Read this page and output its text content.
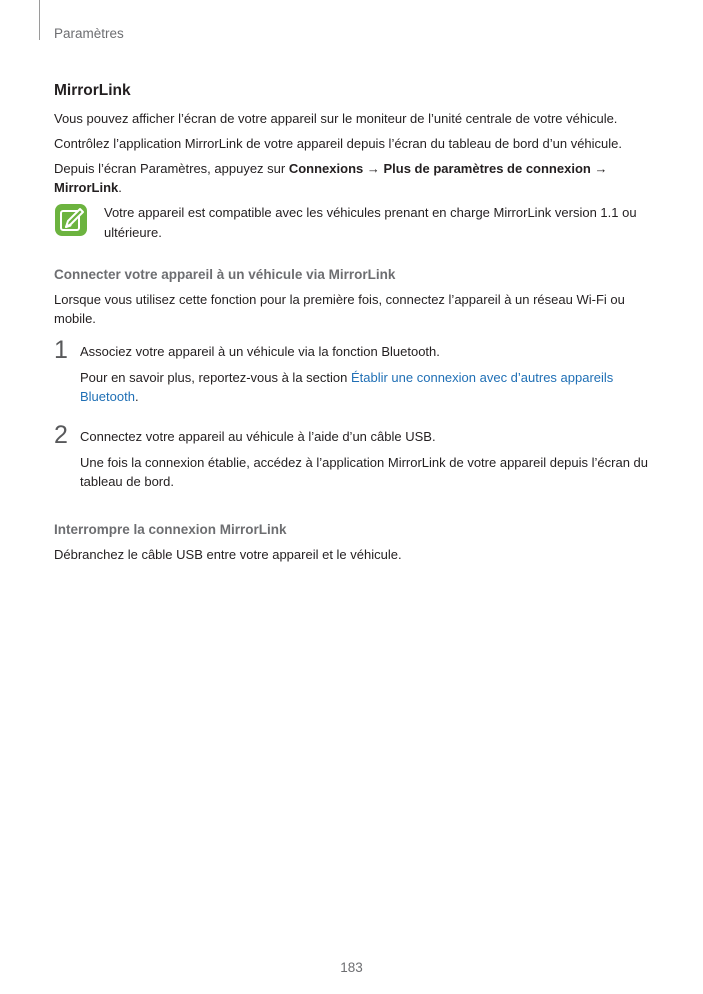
Paramètres
MirrorLink

Vous pouvez afficher l’écran de votre appareil sur le moniteur de l’unité centrale de votre véhicule.

Contrôlez l’application MirrorLink de votre appareil depuis l’écran du tableau de bord d’un véhicule.

Depuis l’écran Paramètres, appuyez sur Connexions → Plus de paramètres de connexion → MirrorLink.

Votre appareil est compatible avec les véhicules prenant en charge MirrorLink version 1.1 ou ultérieure.

Connecter votre appareil à un véhicule via MirrorLink

Lorsque vous utilisez cette fonction pour la première fois, connectez l’appareil à un réseau Wi-Fi ou mobile.

1 Associez votre appareil à un véhicule via la fonction Bluetooth.

Pour en savoir plus, reportez-vous à la section Établir une connexion avec d’autres appareils Bluetooth.

2 Connectez votre appareil au véhicule à l’aide d’un câble USB.

Une fois la connexion établie, accédez à l’application MirrorLink de votre appareil depuis l’écran du tableau de bord.

Interrompre la connexion MirrorLink

Débranchez le câble USB entre votre appareil et le véhicule.

183
